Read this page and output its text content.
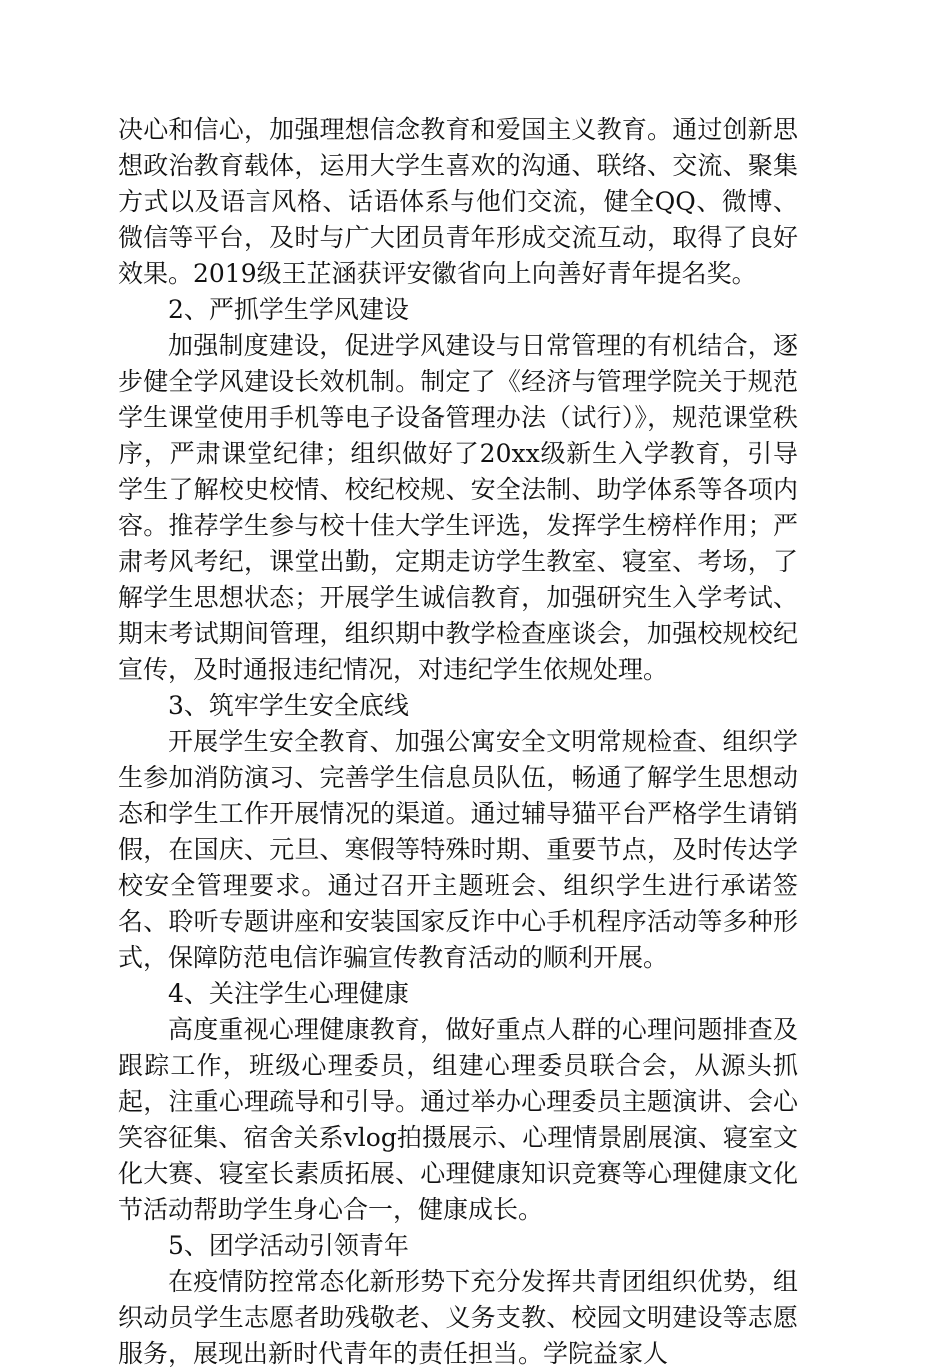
决心和信心，加强理想信念教育和爱国主义教育。通过创新思想政治教育载体，运用大学生喜欢的沟通、联络、交流、聚集方式以及语言风格、话语体系与他们交流，健全QQ、微博、微信等平台，及时与广大团员青年形成交流互动，取得了良好效果。2019级王芷涵获评安徽省向上向善好青年提名奖。

2、严抓学生学风建设

加强制度建设，促进学风建设与日常管理的有机结合，逐步健全学风建设长效机制。制定了《经济与管理学院关于规范学生课堂使用手机等电子设备管理办法（试行）》，规范课堂秩序，严肃课堂纪律；组织做好了20xx级新生入学教育，引导学生了解校史校情、校纪校规、安全法制、助学体系等各项内容。推荐学生参与校十佳大学生评选，发挥学生榜样作用；严肃考风考纪，课堂出勤，定期走访学生教室、寝室、考场，了解学生思想状态；开展学生诚信教育，加强研究生入学考试、期末考试期间管理，组织期中教学检查座谈会，加强校规校纪宣传，及时通报违纪情况，对违纪学生依规处理。

3、筑牢学生安全底线

开展学生安全教育、加强公寓安全文明常规检查、组织学生参加消防演习、完善学生信息员队伍，畅通了解学生思想动态和学生工作开展情况的渠道。通过辅导猫平台严格学生请销假，在国庆、元旦、寒假等特殊时期、重要节点，及时传达学校安全管理要求。通过召开主题班会、组织学生进行承诺签名、聆听专题讲座和安装国家反诈中心手机程序活动等多种形式，保障防范电信诈骗宣传教育活动的顺利开展。

4、关注学生心理健康

高度重视心理健康教育，做好重点人群的心理问题排查及跟踪工作，班级心理委员，组建心理委员联合会，从源头抓起，注重心理疏导和引导。通过举办心理委员主题演讲、会心笑容征集、宿舍关系vlog拍摄展示、心理情景剧展演、寝室文化大赛、寝室长素质拓展、心理健康知识竞赛等心理健康文化节活动帮助学生身心合一，健康成长。

5、团学活动引领青年

在疫情防控常态化新形势下充分发挥共青团组织优势，组织动员学生志愿者助残敬老、义务支教、校园文明建设等志愿服务，展现出新时代青年的责任担当。学院益家人
